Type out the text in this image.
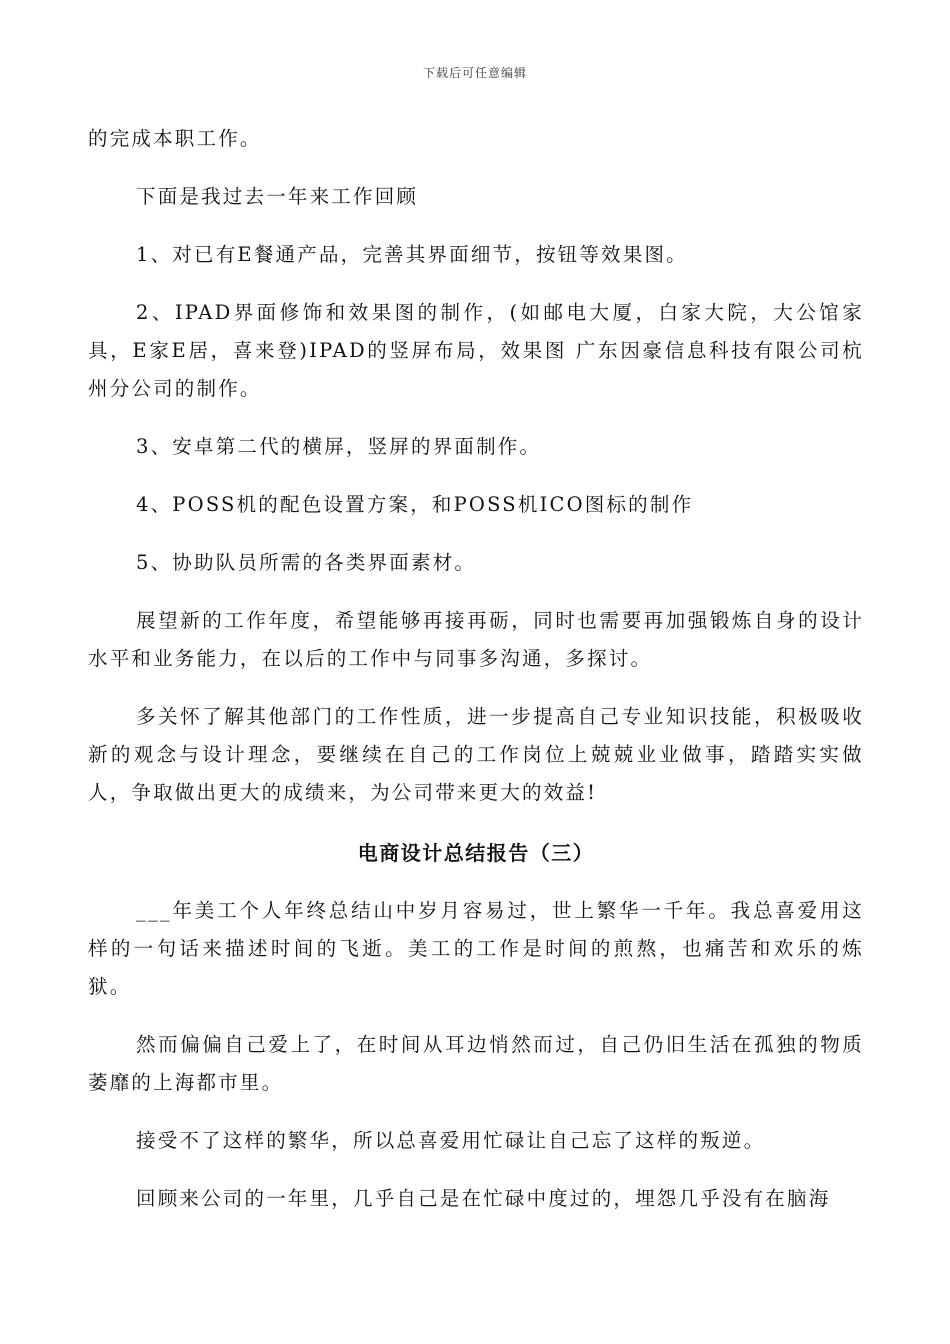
下载后可任意编辑

的完成本职工作。

下面是我过去一年来工作回顾

1、对已有E餐通产品，完善其界面细节，按钮等效果图。

2、IPAD界面修饰和效果图的制作，(如邮电大厦，白家大院，大公馆家具，E家E居，喜来登)IPAD的竖屏布局，效果图 广东因豪信息科技有限公司杭州分公司的制作。

3、安卓第二代的横屏，竖屏的界面制作。

4、POSS机的配色设置方案，和POSS机ICO图标的制作

5、协助队员所需的各类界面素材。

展望新的工作年度，希望能够再接再砺，同时也需要再加强锻炼自身的设计水平和业务能力，在以后的工作中与同事多沟通，多探讨。

多关怀了解其他部门的工作性质，进一步提高自己专业知识技能，积极吸收新的观念与设计理念，要继续在自己的工作岗位上兢兢业业做事，踏踏实实做人，争取做出更大的成绩来，为公司带来更大的效益!

电商设计总结报告（三）

___年美工个人年终总结山中岁月容易过，世上繁华一千年。我总喜爱用这样的一句话来描述时间的飞逝。美工的工作是时间的煎熬，也痛苦和欢乐的炼狱。

然而偏偏自己爱上了，在时间从耳边悄然而过，自己仍旧生活在孤独的物质萎靡的上海都市里。

接受不了这样的繁华，所以总喜爱用忙碌让自己忘了这样的叛逆。

回顾来公司的一年里，几乎自己是在忙碌中度过的，埋怨几乎没有在脑海
